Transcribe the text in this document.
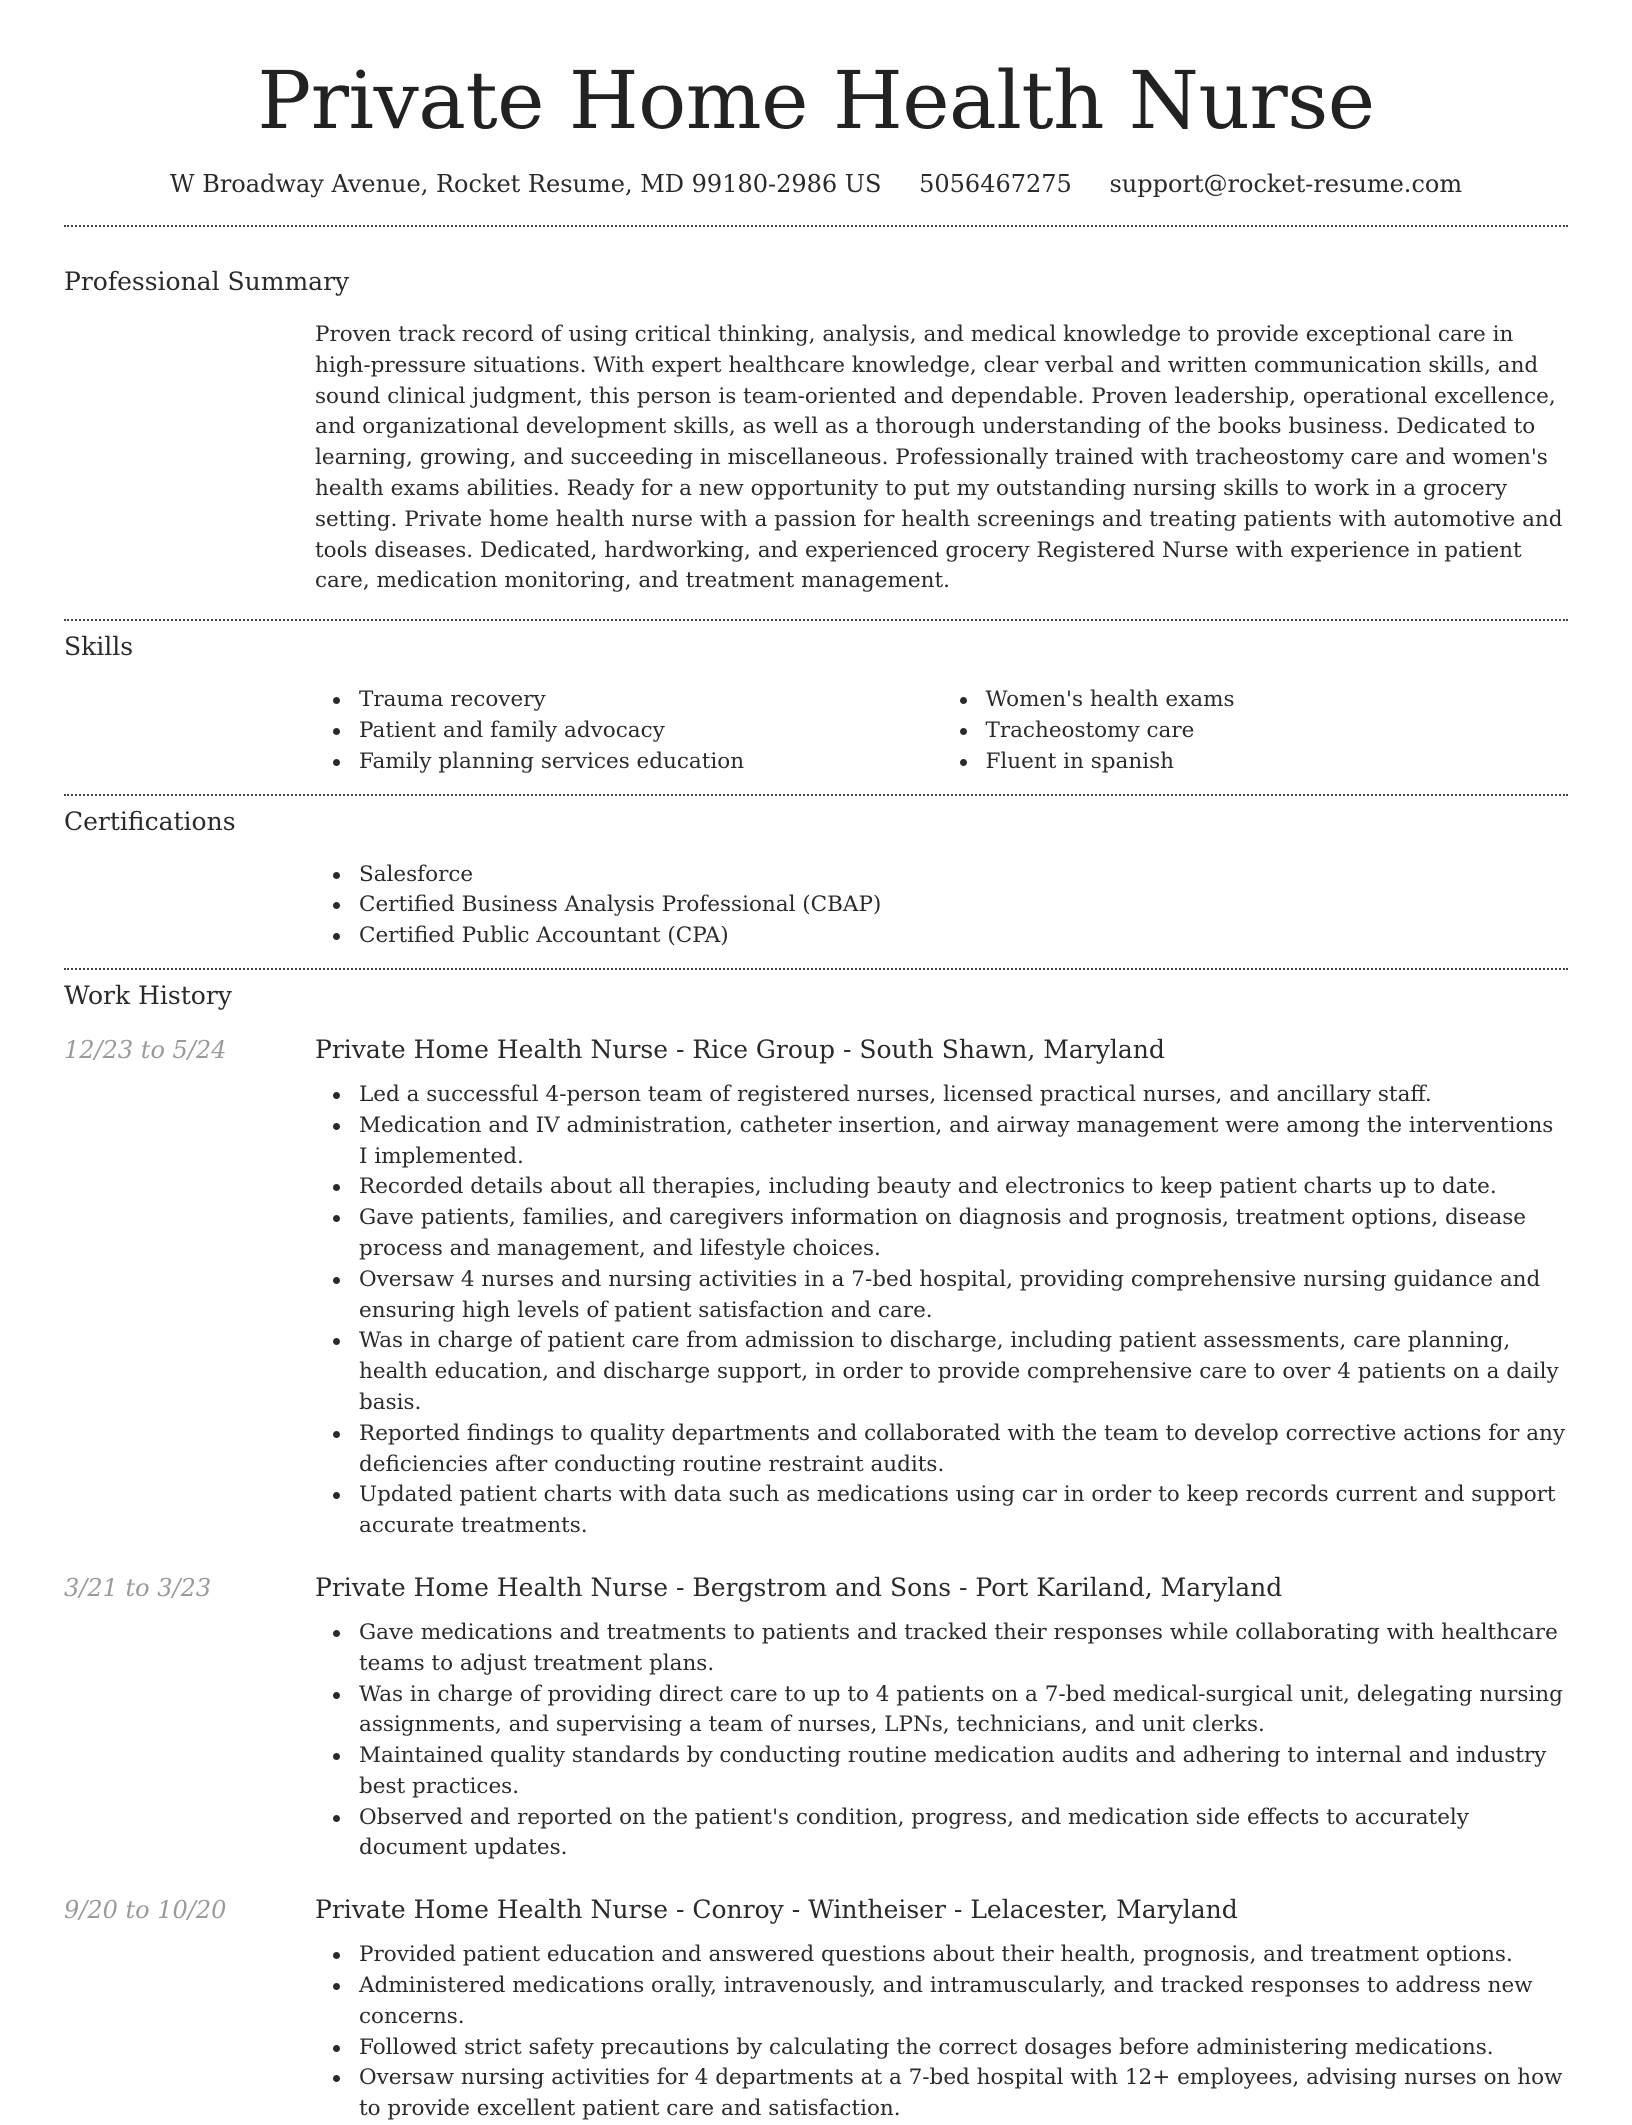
Private Home Health Nurse
W Broadway Avenue, Rocket Resume, MD 99180-2986 US 5056467275 support@rocket-resume.com
Professional Summary
Proven track record of using critical thinking, analysis, and medical knowledge to provide exceptional care in high-pressure situations. With expert healthcare knowledge, clear verbal and written communication skills, and sound clinical judgment, this person is team-oriented and dependable. Proven leadership, operational excellence, and organizational development skills, as well as a thorough understanding of the books business. Dedicated to learning, growing, and succeeding in miscellaneous. Professionally trained with tracheostomy care and women's health exams abilities. Ready for a new opportunity to put my outstanding nursing skills to work in a grocery setting. Private home health nurse with a passion for health screenings and treating patients with automotive and tools diseases. Dedicated, hardworking, and experienced grocery Registered Nurse with experience in patient care, medication monitoring, and treatment management.
Skills
Trauma recovery
Patient and family advocacy
Family planning services education
Women's health exams
Tracheostomy care
Fluent in spanish
Certifications
Salesforce
Certified Business Analysis Professional (CBAP)
Certified Public Accountant (CPA)
Work History
12/23 to 5/24	Private Home Health Nurse - Rice Group - South Shawn, Maryland
Led a successful 4-person team of registered nurses, licensed practical nurses, and ancillary staff.
Medication and IV administration, catheter insertion, and airway management were among the interventions I implemented.
Recorded details about all therapies, including beauty and electronics to keep patient charts up to date.
Gave patients, families, and caregivers information on diagnosis and prognosis, treatment options, disease process and management, and lifestyle choices.
Oversaw 4 nurses and nursing activities in a 7-bed hospital, providing comprehensive nursing guidance and ensuring high levels of patient satisfaction and care.
Was in charge of patient care from admission to discharge, including patient assessments, care planning, health education, and discharge support, in order to provide comprehensive care to over 4 patients on a daily basis.
Reported findings to quality departments and collaborated with the team to develop corrective actions for any deficiencies after conducting routine restraint audits.
Updated patient charts with data such as medications using car in order to keep records current and support accurate treatments.
3/21 to 3/23	Private Home Health Nurse - Bergstrom and Sons - Port Kariland, Maryland
Gave medications and treatments to patients and tracked their responses while collaborating with healthcare teams to adjust treatment plans.
Was in charge of providing direct care to up to 4 patients on a 7-bed medical-surgical unit, delegating nursing assignments, and supervising a team of nurses, LPNs, technicians, and unit clerks.
Maintained quality standards by conducting routine medication audits and adhering to internal and industry best practices.
Observed and reported on the patient's condition, progress, and medication side effects to accurately document updates.
9/20 to 10/20	Private Home Health Nurse - Conroy - Wintheiser - Lelacester, Maryland
Provided patient education and answered questions about their health, prognosis, and treatment options.
Administered medications orally, intravenously, and intramuscularly, and tracked responses to address new concerns.
Followed strict safety precautions by calculating the correct dosages before administering medications.
Oversaw nursing activities for 4 departments at a 7-bed hospital with 12+ employees, advising nurses on how to provide excellent patient care and satisfaction.
